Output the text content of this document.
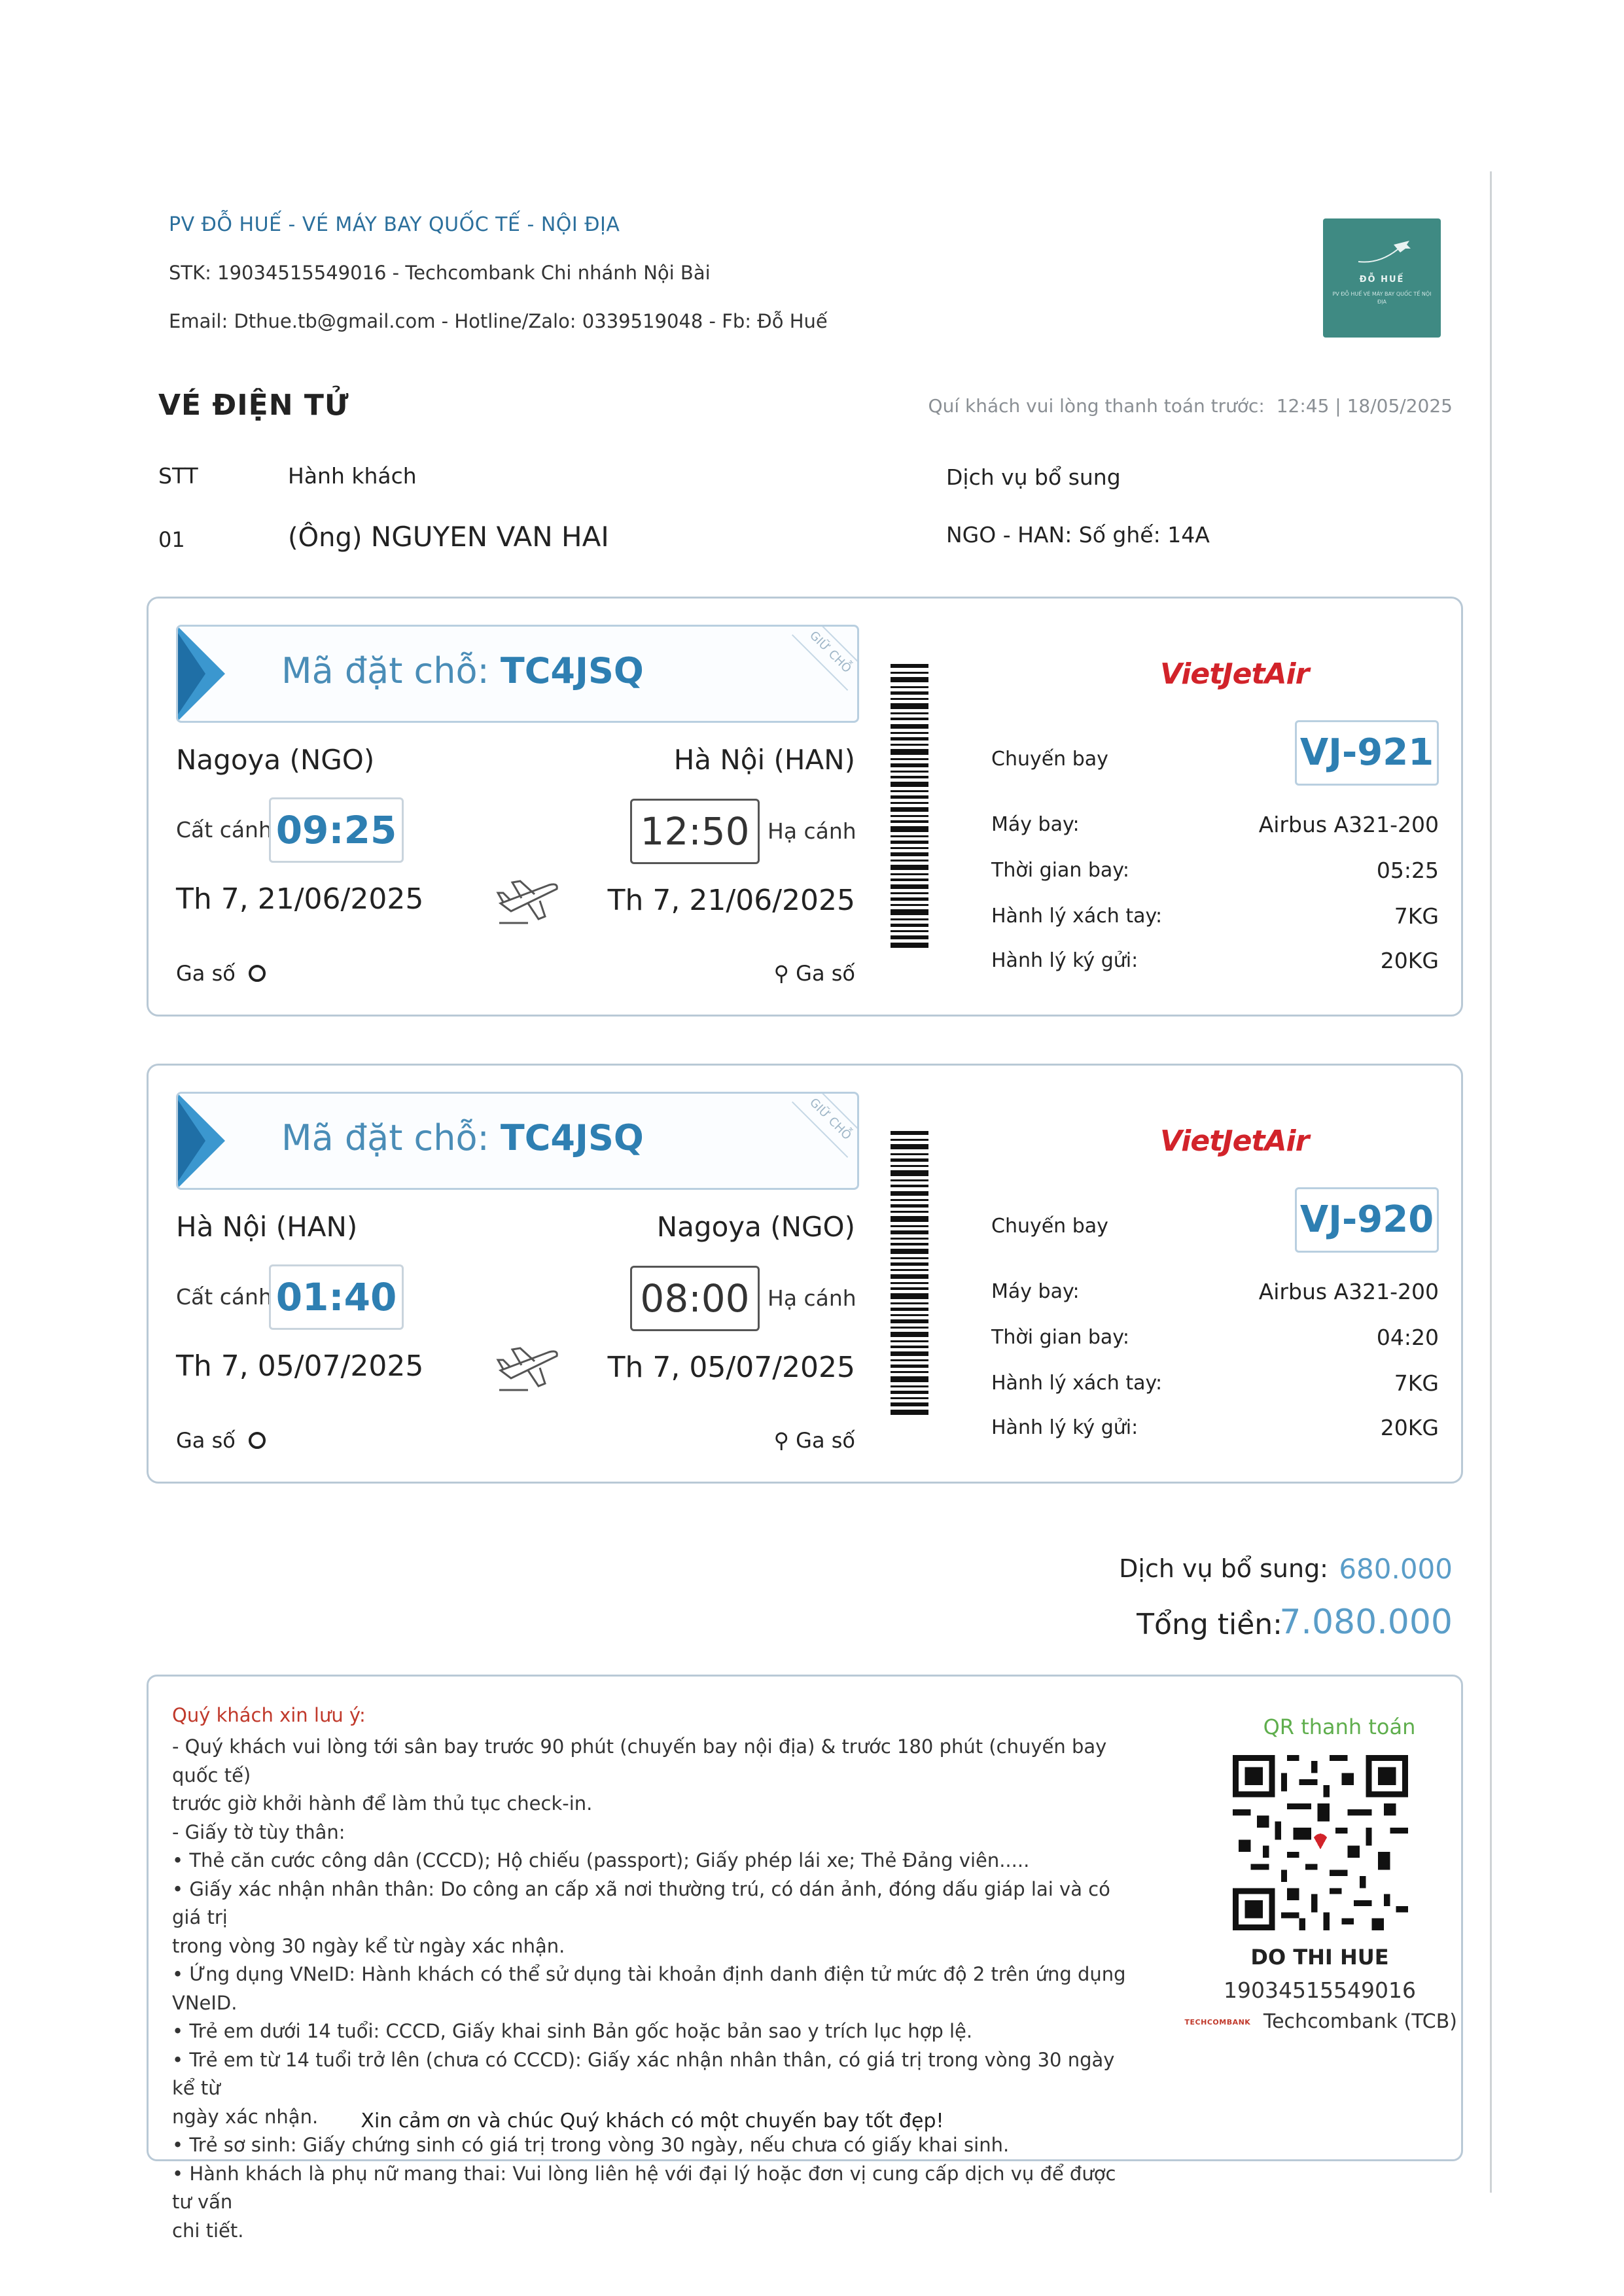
PV ĐỖ HUẾ - VÉ MÁY BAY QUỐC TẾ - NỘI ĐỊA
STK: 19034515549016 - Techcombank Chi nhánh Nội Bài
Email: Dthue.tb@gmail.com - Hotline/Zalo: 0339519048 - Fb: Đỗ Huế
ĐỖ HUẾ
PV ĐỖ HUẾ VÉ MÁY BAY QUỐC TẾ NỘI ĐỊA
VÉ ĐIỆN TỬ	Quí khách vui lòng thanh toán trước: 12:45 | 18/05/2025
STT	Hành khách	Dịch vụ bổ sung
01	(Ông) NGUYEN VAN HAI	NGO - HAN: Số ghế: 14A
Mã đặt chỗ: TC4JSQ	GIỮ CHỖ
Nagoya (NGO)	Hà Nội (HAN)
Cất cánh 09:25	12:50 Hạ cánh
Th 7, 21/06/2025	Th 7, 21/06/2025
Ga số	⚲ Ga số
VietJetAir
Chuyến bay	VJ-921
Máy bay:	Airbus A321-200
Thời gian bay:	05:25
Hành lý xách tay:	7KG
Hành lý ký gửi:	20KG
Mã đặt chỗ: TC4JSQ	GIỮ CHỖ
Hà Nội (HAN)	Nagoya (NGO)
Cất cánh 01:40	08:00 Hạ cánh
Th 7, 05/07/2025	Th 7, 05/07/2025
Ga số	⚲ Ga số
VietJetAir
Chuyến bay	VJ-920
Máy bay:	Airbus A321-200
Thời gian bay:	04:20
Hành lý xách tay:	7KG
Hành lý ký gửi:	20KG
Dịch vụ bổ sung: 680.000
Tổng tiền:
7.080.000
Quý khách xin lưu ý:
- Quý khách vui lòng tới sân bay trước 90 phút (chuyến bay nội địa) & trước 180 phút (chuyến bay quốc tế)
trước giờ khởi hành để làm thủ tục check-in.
- Giấy tờ tùy thân:
• Thẻ căn cước công dân (CCCD); Hộ chiếu (passport); Giấy phép lái xe; Thẻ Đảng viên.....
• Giấy xác nhận nhân thân: Do công an cấp xã nơi thường trú, có dán ảnh, đóng dấu giáp lai và có giá trị
trong vòng 30 ngày kể từ ngày xác nhận.
• Ứng dụng VNeID: Hành khách có thể sử dụng tài khoản định danh điện tử mức độ 2 trên ứng dụng VNeID.
• Trẻ em dưới 14 tuổi: CCCD, Giấy khai sinh Bản gốc hoặc bản sao y trích lục hợp lệ.
• Trẻ em từ 14 tuổi trở lên (chưa có CCCD): Giấy xác nhận nhân thân, có giá trị trong vòng 30 ngày kể từ
ngày xác nhận.
• Trẻ sơ sinh: Giấy chứng sinh có giá trị trong vòng 30 ngày, nếu chưa có giấy khai sinh.
• Hành khách là phụ nữ mang thai: Vui lòng liên hệ với đại lý hoặc đơn vị cung cấp dịch vụ để được tư vấn
chi tiết.
Xin cảm ơn và chúc Quý khách có một chuyến bay tốt đẹp!
QR thanh toán
DO THI HUE
19034515549016
TECHCOMBANK Techcombank (TCB)
